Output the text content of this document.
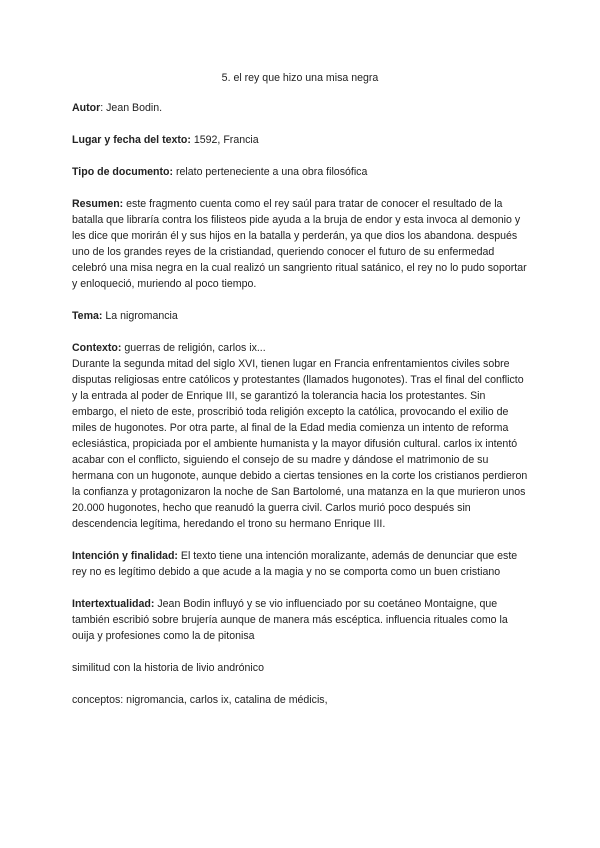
5. el rey que hizo una misa negra

Autor: Jean Bodin.

Lugar y fecha del texto: 1592, Francia

Tipo de documento: relato perteneciente a una obra filosófica

Resumen: este fragmento cuenta como el rey saúl para tratar de conocer el resultado de la batalla que libraría contra los filisteos pide ayuda a la bruja de endor y esta invoca al demonio y les dice que morirán él y sus hijos en la batalla y perderán, ya que dios los abandona. después uno de los grandes reyes de la cristiandad, queriendo conocer el futuro de su enfermedad celebró una misa negra en la cual realizó un sangriento ritual satánico, el rey no lo pudo soportar y enloqueció, muriendo al poco tiempo.

Tema: La nigromancia

Contexto: guerras de religión, carlos ix...

Durante la segunda mitad del siglo XVI, tienen lugar en Francia enfrentamientos civiles sobre disputas religiosas entre católicos y protestantes (llamados hugonotes). Tras el final del conflicto y la entrada al poder de Enrique III, se garantizó la tolerancia hacia los protestantes. Sin embargo, el nieto de este, proscribió toda religión excepto la católica, provocando el exilio de miles de hugonotes. Por otra parte, al final de la Edad media comienza un intento de reforma eclesiástica, propiciada por el ambiente humanista y la mayor difusión cultural. carlos ix intentó acabar con el conflicto, siguiendo el consejo de su madre y dándose el matrimonio de su hermana con un hugonote, aunque debido a ciertas tensiones en la corte los cristianos perdieron la confianza y protagonizaron la noche de San Bartolomé, una matanza en la que murieron unos 20.000 hugonotes, hecho que reanudó la guerra civil. Carlos murió poco después sin descendencia legítima, heredando el trono su hermano Enrique III.

Intención y finalidad: El texto tiene una intención moralizante, además de denunciar que este rey no es legítimo debido a que acude a la magia y no se comporta como un buen cristiano

Intertextualidad: Jean Bodin influyó y se vio influenciado por su coetáneo Montaigne, que también escribió sobre brujería aunque de manera más escéptica. influencia rituales como la ouija y profesiones como la de pitonisa

similitud con la historia de livio andrónico

conceptos: nigromancia, carlos ix, catalina de médicis,
